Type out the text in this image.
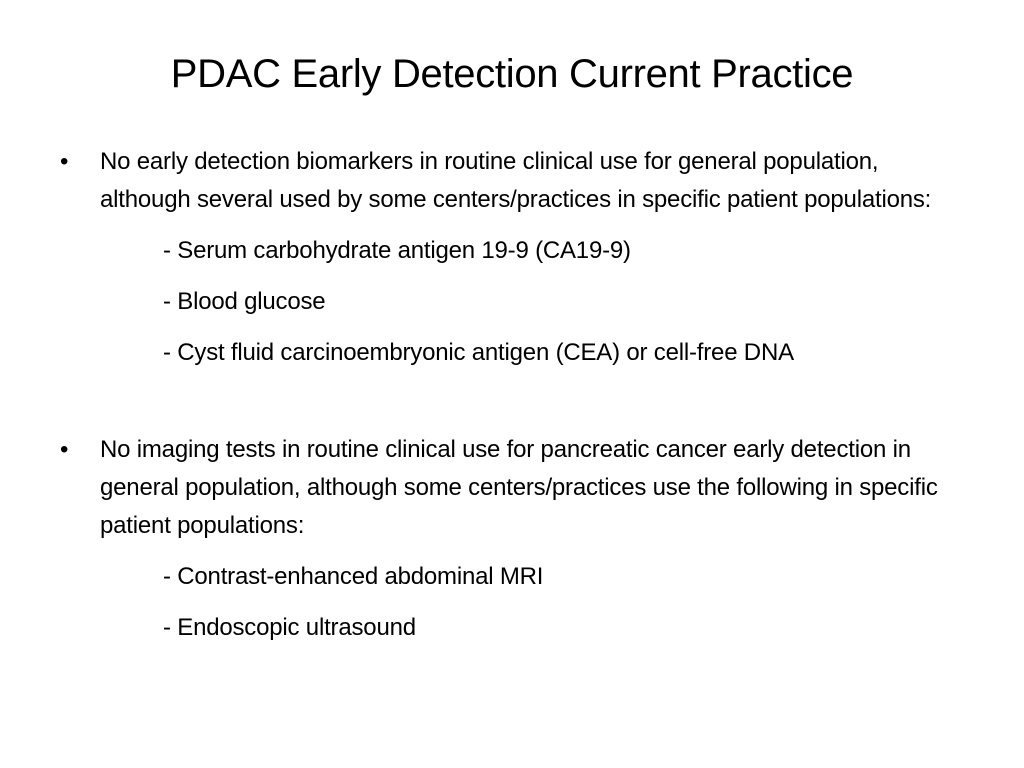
PDAC Early Detection Current Practice
•	No early detection biomarkers in routine clinical use for general population, although several used by some centers/practices in specific patient populations:
- Serum carbohydrate antigen 19-9 (CA19-9)
- Blood glucose
- Cyst fluid carcinoembryonic antigen (CEA) or cell-free DNA
•	No imaging tests in routine clinical use for pancreatic cancer early detection in general population, although some centers/practices use the following in specific patient populations:
- Contrast-enhanced abdominal MRI
- Endoscopic ultrasound
